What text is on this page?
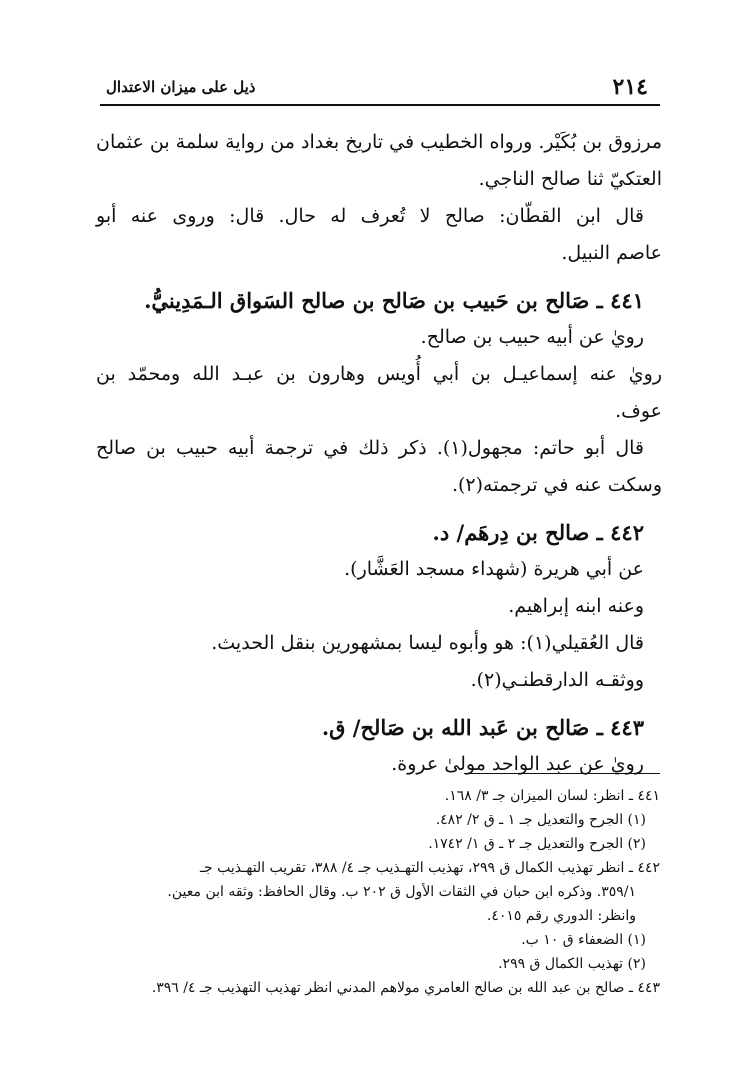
٢١٤
ذيل على ميزان الاعتدال
مرزوق بن بُكَيْر. ورواه الخطيب في تاريخ بغداد من رواية سلمة بن عثمان
العتكيّ ثنا صالح الناجي.
قال ابن القطّان: صالح لا تُعرف له حال. قال: وروى عنه أبو
عاصم النبيل.
٤٤١ ـ صَالح بن حَبيب بن صَالح بن صالح السَواق الـمَدِينيُّ.
رويٰ عن أبيه حبيب بن صالح.
رويٰ عنه إسماعيـل بن أبي أُويس وهارون بن عبـد الله ومحمّد بن
عوف.
قال أبو حاتم: مجهول(١). ذكر ذلك في ترجمة أبيه حبيب بن صالح
وسكت عنه في ترجمته(٢).
٤٤٢ ـ صالح بن دِرهَم/ د.
عن أبي هريرة (شهداء مسجد العَشَّار).
وعنه ابنه إبراهيم.
قال العُقيلي(١): هو وأبوه ليسا بمشهورين بنقل الحديث.
ووثقـه الدارقطنـي(٢).
٤٤٣ ـ صَالح بن عَبد الله بن صَالح/ ق.
رويٰ عن عبد الواحد مولىٰ عروة.
٤٤١ ـ انظر: لسان الميزان جـ ٣/ ١٦٨.
(١) الجرح والتعديل جـ ١ ـ ق ٢/ ٤٨٢.
(٢) الجرح والتعديل جـ ٢ ـ ق ١/ ١٧٤٢.
٤٤٢ ـ انظر تهذيب الكمال ق ٢٩٩، تهذيب التهـذيب جـ ٤/ ٣٨٨، تقريب التهـذيب جـ
٣٥٩/١. وذكره ابن حبان في الثقات الأول ق ٢٠٢ ب. وقال الحافظ: وثقه ابن معين.
وانظر: الدوري رقم ٤٠١٥.
(١) الضعفاء ق ١٠ ب.
(٢) تهذيب الكمال ق ٢٩٩.
٤٤٣ ـ صالح بن عبد الله بن صالح العامري مولاهم المدني انظر تهذيب التهذيب جـ ٤/ ٣٩٦.
